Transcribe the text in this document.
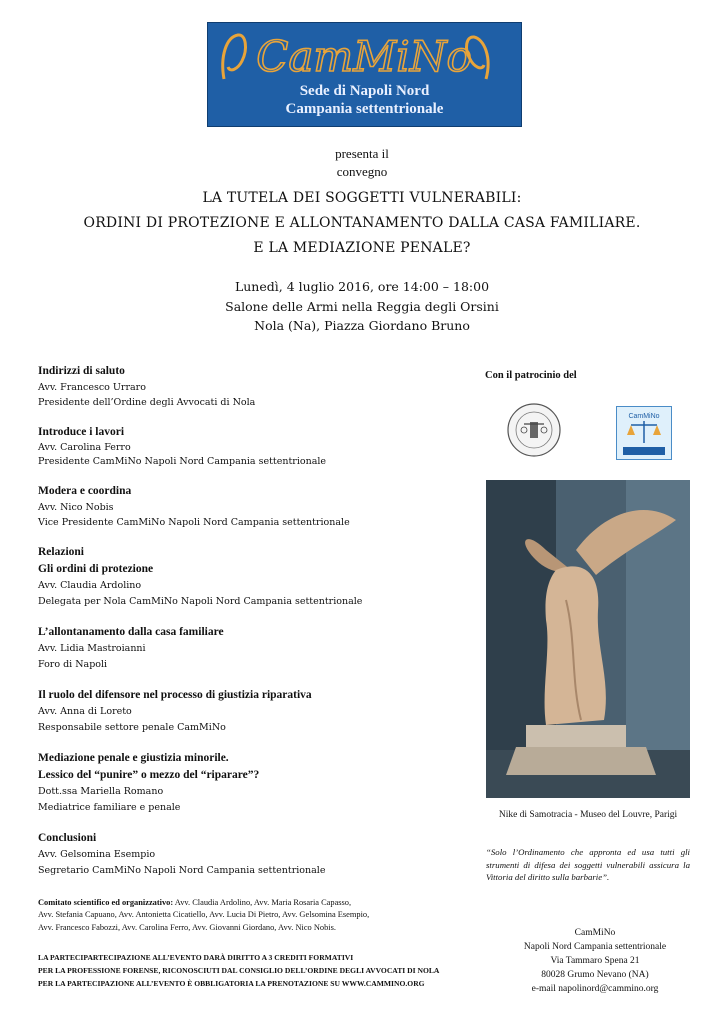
CamMiNo
Sede di Napoli Nord
Campania settentrionale
presenta il
convegno
LA TUTELA DEI SOGGETTI VULNERABILI:
ORDINI DI PROTEZIONE E ALLONTANAMENTO DALLA CASA FAMILIARE.
E LA MEDIAZIONE PENALE?
Lunedì, 4 luglio 2016, ore 14:00 – 18:00
Salone delle Armi nella Reggia degli Orsini
Nola (Na), Piazza Giordano Bruno
Indirizzi di saluto
Avv. Francesco Urraro
Presidente dell’Ordine degli Avvocati di Nola
Introduce i lavori
Avv. Carolina Ferro
Presidente CamMiNo Napoli Nord Campania settentrionale
Modera e coordina
Avv. Nico Nobis
Vice Presidente CamMiNo Napoli Nord Campania settentrionale
Relazioni
Gli ordini di protezione
Avv. Claudia Ardolino
Delegata per Nola CamMiNo Napoli Nord Campania settentrionale
L’allontanamento dalla casa familiare
Avv. Lidia Mastroianni
Foro di Napoli
Il ruolo del difensore nel processo di giustizia riparativa
Avv. Anna di Loreto
Responsabile settore penale CamMiNo
Mediazione penale e giustizia minorile.
Lessico del “punire” o mezzo del “riparare”?
Dott.ssa Mariella Romano
Mediatrice familiare e penale
Conclusioni
Avv. Gelsomina Esempio
Segretario CamMiNo Napoli Nord Campania settentrionale
Con il patrocinio del
CamMiNo
Nike di Samotracia - Museo del Louvre, Parigi
“Solo l’Ordinamento che appronta ed usa tutti gli strumenti di difesa dei soggetti vulnerabili assicura la Vittoria del diritto sulla barbarie”.
Comitato scientifico ed organizzativo: Avv. Claudia Ardolino, Avv. Maria Rosaria Capasso,
Avv. Stefania Capuano, Avv. Antonietta Cicatiello, Avv. Lucia Di Pietro, Avv. Gelsomina Esempio,
Avv. Francesco Fabozzi, Avv. Carolina Ferro, Avv. Giovanni Giordano, Avv. Nico Nobis.
LA PARTECIPARTECIPAZIONE ALL’EVENTO DARÀ DIRITTO A 3 CREDITI FORMATIVI
PER LA PROFESSIONE FORENSE, RICONOSCIUTI DAL CONSIGLIO DELL’ORDINE DEGLI AVVOCATI DI NOLA
PER LA PARTECIPAZIONE ALL’EVENTO È OBBLIGATORIA LA PRENOTAZIONE SU WWW.CAMMINO.ORG
CamMiNo
Napoli Nord Campania settentrionale
Via Tammaro Spena 21
80028 Grumo Nevano (NA)
e-mail napolinord@cammino.org
